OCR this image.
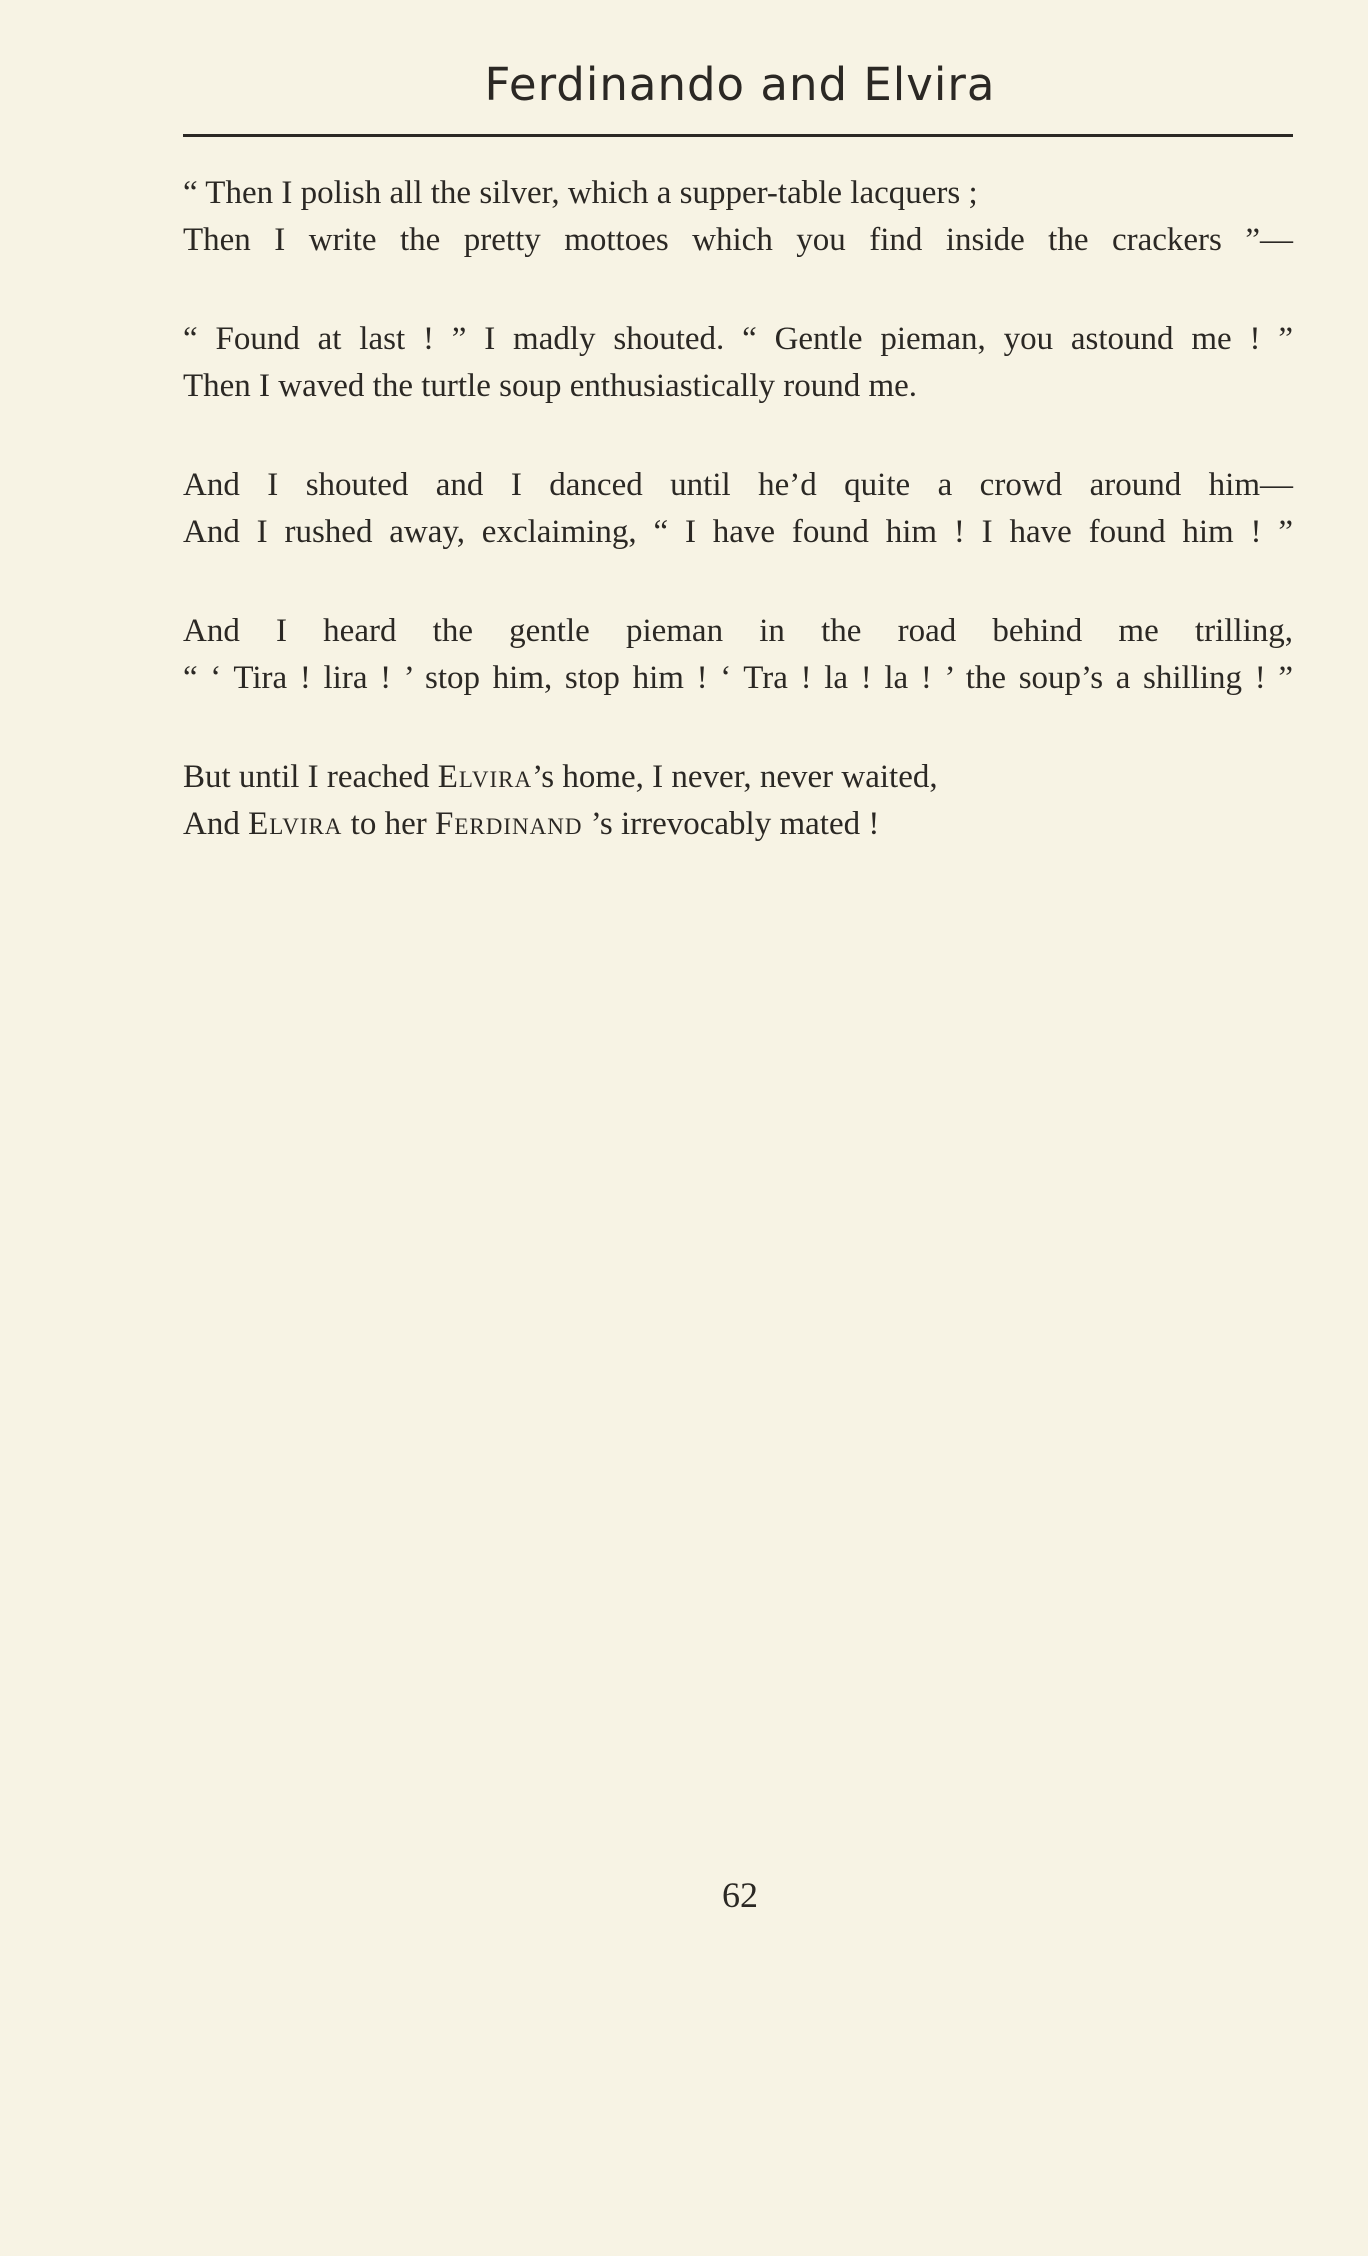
Ferdinando and Elvira
“ Then I polish all the silver, which a supper-table lacquers ;
Then I write the pretty mottoes which you find inside the crackers ”—
“ Found at last ! ” I madly shouted. “ Gentle pieman, you astound me ! ”
Then I waved the turtle soup enthusiastically round me.
And I shouted and I danced until he’d quite a crowd around him—
And I rushed away, exclaiming, “ I have found him ! I have found him ! ”
And I heard the gentle pieman in the road behind me trilling,
“ ‘ Tira ! lira ! ’ stop him, stop him ! ‘ Tra ! la ! la ! ’ the soup’s a shilling ! ”
But until I reached Elvira’s home, I never, never waited,
And Elvira to her Ferdinand ’s irrevocably mated !
62
